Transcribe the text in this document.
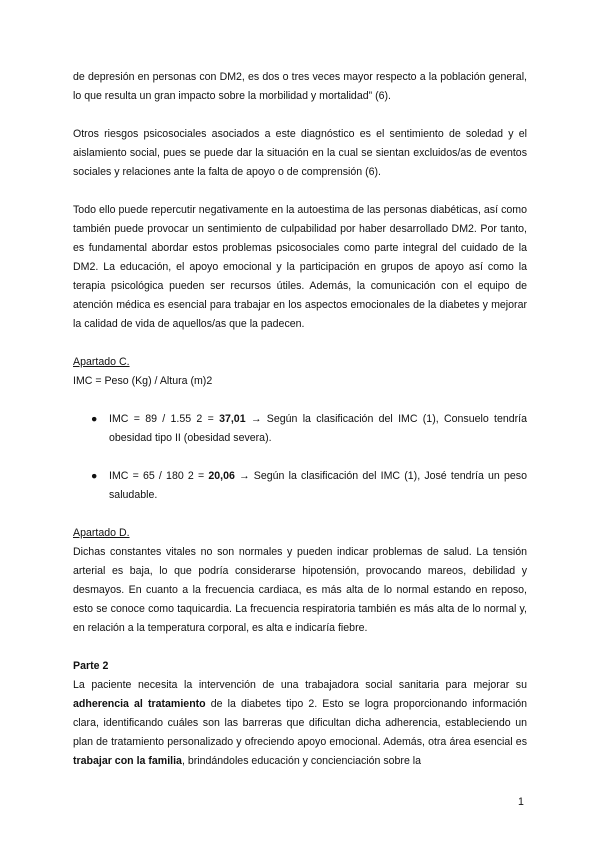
de depresión en personas con DM2, es dos o tres veces mayor respecto a la población general, lo que resulta un gran impacto sobre la morbilidad y mortalidad” (6).

Otros riesgos psicosociales asociados a este diagnóstico es el sentimiento de soledad y el aislamiento social, pues se puede dar la situación en la cual se sientan excluidos/as de eventos sociales y relaciones ante la falta de apoyo o de comprensión (6).

Todo ello puede repercutir negativamente en la autoestima de las personas diabéticas, así como también puede provocar un sentimiento de culpabilidad por haber desarrollado DM2. Por tanto, es fundamental abordar estos problemas psicosociales como parte integral del cuidado de la DM2. La educación, el apoyo emocional y la participación en grupos de apoyo así como la terapia psicológica pueden ser recursos útiles. Además, la comunicación con el equipo de atención médica es esencial para trabajar en los aspectos emocionales de la diabetes y mejorar la calidad de vida de aquellos/as que la padecen.

Apartado C.

IMC = Peso (Kg) / Altura (m)2

● IMC = 89 / 1.55 2 = 37,01 → Según la clasificación del IMC (1), Consuelo tendría obesidad tipo II (obesidad severa).
● IMC = 65 / 180 2 = 20,06 → Según la clasificación del IMC (1), José tendría un peso saludable.

Apartado D.

Dichas constantes vitales no son normales y pueden indicar problemas de salud. La tensión arterial es baja, lo que podría considerarse hipotensión, provocando mareos, debilidad y desmayos. En cuanto a la frecuencia cardiaca, es más alta de lo normal estando en reposo, esto se conoce como taquicardia. La frecuencia respiratoria también es más alta de lo normal y, en relación a la temperatura corporal, es alta e indicaría fiebre.

Parte 2

La paciente necesita la intervención de una trabajadora social sanitaria para mejorar su adherencia al tratamiento de la diabetes tipo 2. Esto se logra proporcionando información clara, identificando cuáles son las barreras que dificultan dicha adherencia, estableciendo un plan de tratamiento personalizado y ofreciendo apoyo emocional. Además, otra área esencial es trabajar con la familia, brindándoles educación y concienciación sobre la

1
